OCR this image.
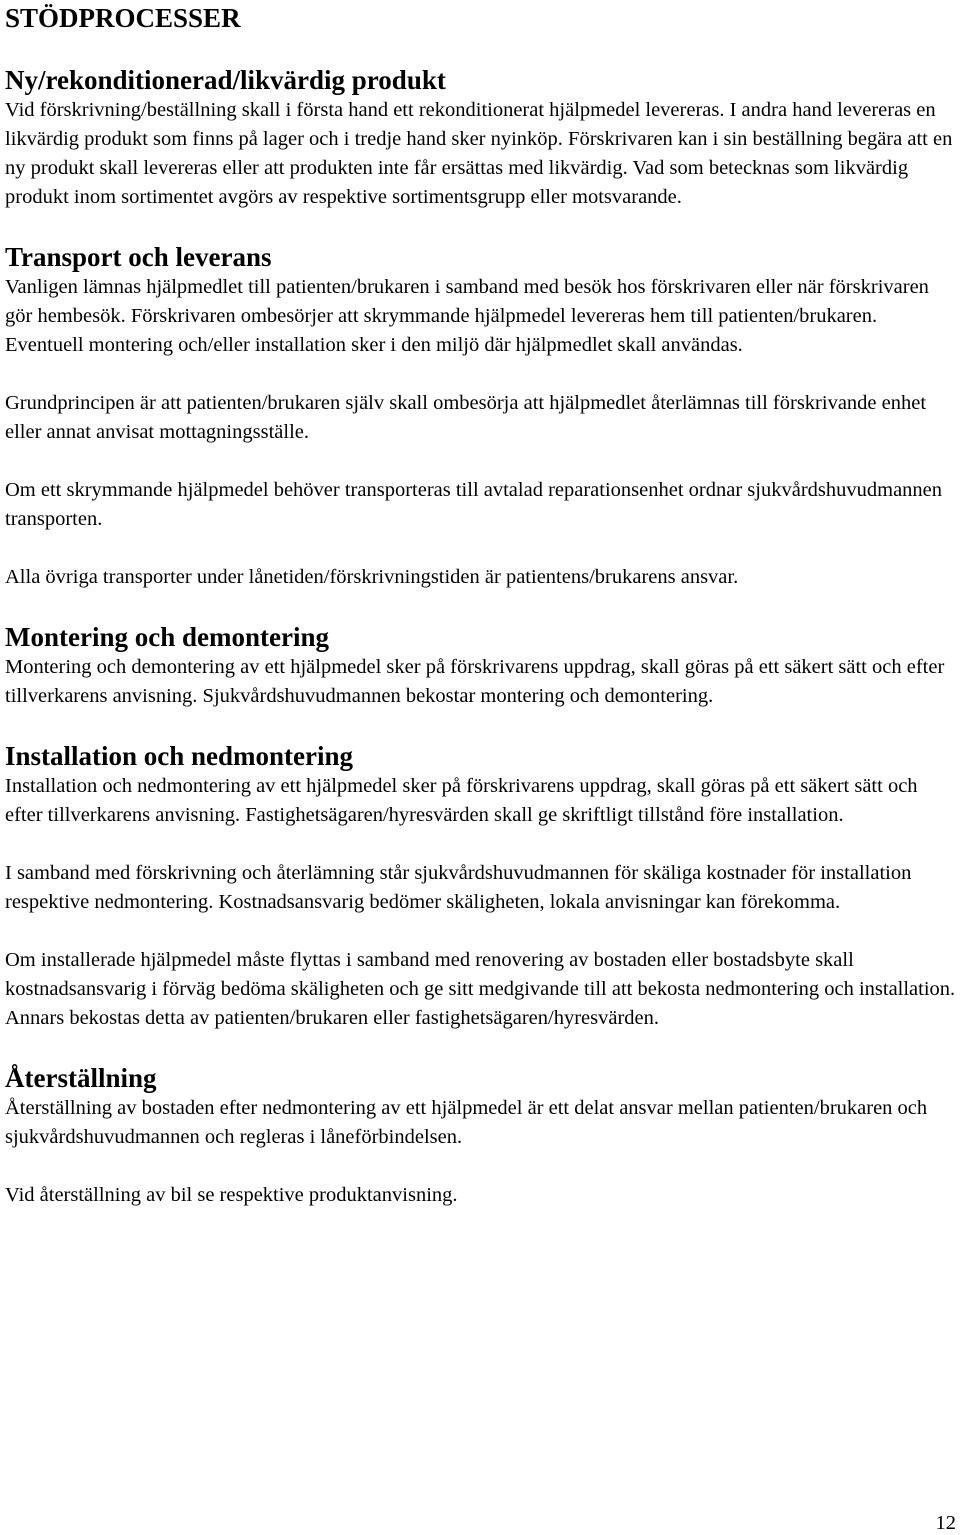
STÖDPROCESSER
Ny/rekonditionerad/likvärdig produkt

Vid förskrivning/beställning skall i första hand ett rekonditionerat hjälpmedel levereras. I andra hand levereras en likvärdig produkt som finns på lager och i tredje hand sker nyinköp. Förskrivaren kan i sin beställning begära att en ny produkt skall levereras eller att produkten inte får ersättas med likvärdig. Vad som betecknas som likvärdig produkt inom sortimentet avgörs av respektive sortimentsgrupp eller motsvarande.

Transport och leverans

Vanligen lämnas hjälpmedlet till patienten/brukaren i samband med besök hos förskrivaren eller när förskrivaren gör hembesök. Förskrivaren ombesörjer att skrymmande hjälpmedel levereras hem till patienten/brukaren. Eventuell montering och/eller installation sker i den miljö där hjälpmedlet skall användas.

Grundprincipen är att patienten/brukaren själv skall ombesörja att hjälpmedlet återlämnas till förskrivande enhet eller annat anvisat mottagningsställe.

Om ett skrymmande hjälpmedel behöver transporteras till avtalad reparationsenhet ordnar sjukvårdshuvudmannen transporten.

Alla övriga transporter under lånetiden/förskrivningstiden är patientens/brukarens ansvar.

Montering och demontering

Montering och demontering av ett hjälpmedel sker på förskrivarens uppdrag, skall göras på ett säkert sätt och efter tillverkarens anvisning. Sjukvårdshuvudmannen bekostar montering och demontering.

Installation och nedmontering

Installation och nedmontering av ett hjälpmedel sker på förskrivarens uppdrag, skall göras på ett säkert sätt och efter tillverkarens anvisning. Fastighetsägaren/hyresvärden skall ge skriftligt tillstånd före installation.

I samband med förskrivning och återlämning står sjukvårdshuvudmannen för skäliga kostnader för installation respektive nedmontering. Kostnadsansvarig bedömer skäligheten, lokala anvisningar kan förekomma.

Om installerade hjälpmedel måste flyttas i samband med renovering av bostaden eller bostadsbyte skall kostnadsansvarig i förväg bedöma skäligheten och ge sitt medgivande till att bekosta nedmontering och installation. Annars bekostas detta av patienten/brukaren eller fastighetsägaren/hyresvärden.

Återställning

Återställning av bostaden efter nedmontering av ett hjälpmedel är ett delat ansvar mellan patienten/brukaren och sjukvårdshuvudmannen och regleras i låneförbindelsen.

Vid återställning av bil se respektive produktanvisning.

12
